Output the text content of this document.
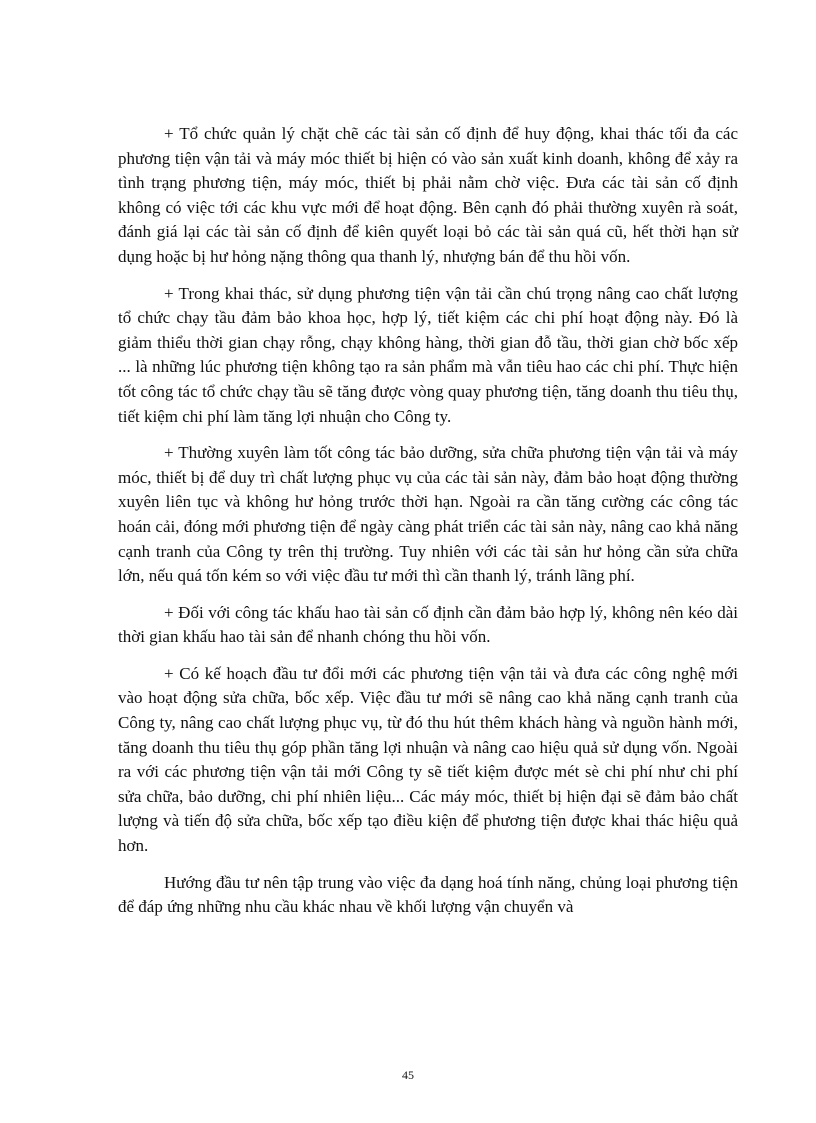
+ Tổ chức quản lý chặt chẽ các tài sản cố định để huy động, khai thác tối đa các phương tiện vận tải và máy móc thiết bị hiện có vào sản xuất kinh doanh, không để xảy ra tình trạng phương tiện, máy móc, thiết bị phải nằm chờ việc. Đưa các tài sản cố định không có việc tới các khu vực mới để hoạt động. Bên cạnh đó phải thường xuyên rà soát, đánh giá lại các tài sản cố định để kiên quyết loại bỏ các tài sản quá cũ, hết thời hạn sử dụng hoặc bị hư hỏng nặng thông qua thanh lý, nhượng bán để thu hồi vốn.

+ Trong khai thác, sử dụng phương tiện vận tải cần chú trọng nâng cao chất lượng tổ chức chạy tầu đảm bảo khoa học, hợp lý, tiết kiệm các chi phí hoạt động này. Đó là giảm thiểu thời gian chạy rỗng, chạy không hàng, thời gian đỗ tầu, thời gian chờ bốc xếp ... là những lúc phương tiện không tạo ra sản phẩm mà vẫn tiêu hao các chi phí. Thực hiện tốt công tác tổ chức chạy tầu sẽ tăng được vòng quay phương tiện, tăng doanh thu tiêu thụ, tiết kiệm chi phí làm tăng lợi nhuận cho Công ty.

+ Thường xuyên làm tốt công tác bảo dưỡng, sửa chữa phương tiện vận tải và máy móc, thiết bị để duy trì chất lượng phục vụ của các tài sản này, đảm bảo hoạt động thường xuyên liên tục và không hư hỏng trước thời hạn. Ngoài ra cần tăng cường các công tác hoán cải, đóng mới phương tiện để ngày càng phát triển các tài sản này, nâng cao khả năng cạnh tranh của Công ty trên thị trường. Tuy nhiên với các tài sản hư hỏng cần sửa chữa lớn, nếu quá tốn kém so với việc đầu tư mới thì cần thanh lý, tránh lãng phí.

+ Đối với công tác khấu hao tài sản cố định cần đảm bảo hợp lý, không nên kéo dài thời gian khấu hao tài sản để nhanh chóng thu hồi vốn.

+ Có kế hoạch đầu tư đổi mới các phương tiện vận tải và đưa các công nghệ mới vào hoạt động sửa chữa, bốc xếp. Việc đầu tư mới sẽ nâng cao khả năng cạnh tranh của Công ty, nâng cao chất lượng phục vụ, từ đó thu hút thêm khách hàng và nguồn hành mới, tăng doanh thu tiêu thụ góp phần tăng lợi nhuận và nâng cao hiệu quả sử dụng vốn. Ngoài ra với các phương tiện vận tải mới Công ty sẽ tiết kiệm được mét sè chi phí như chi phí sửa chữa, bảo dưỡng, chi phí nhiên liệu... Các máy móc, thiết bị hiện đại sẽ đảm bảo chất lượng và tiến độ sửa chữa, bốc xếp tạo điều kiện để phương tiện được khai thác hiệu quả hơn.

Hướng đầu tư nên tập trung vào việc đa dạng hoá tính năng, chủng loại phương tiện để đáp ứng những nhu cầu khác nhau về khối lượng vận chuyển và

45
